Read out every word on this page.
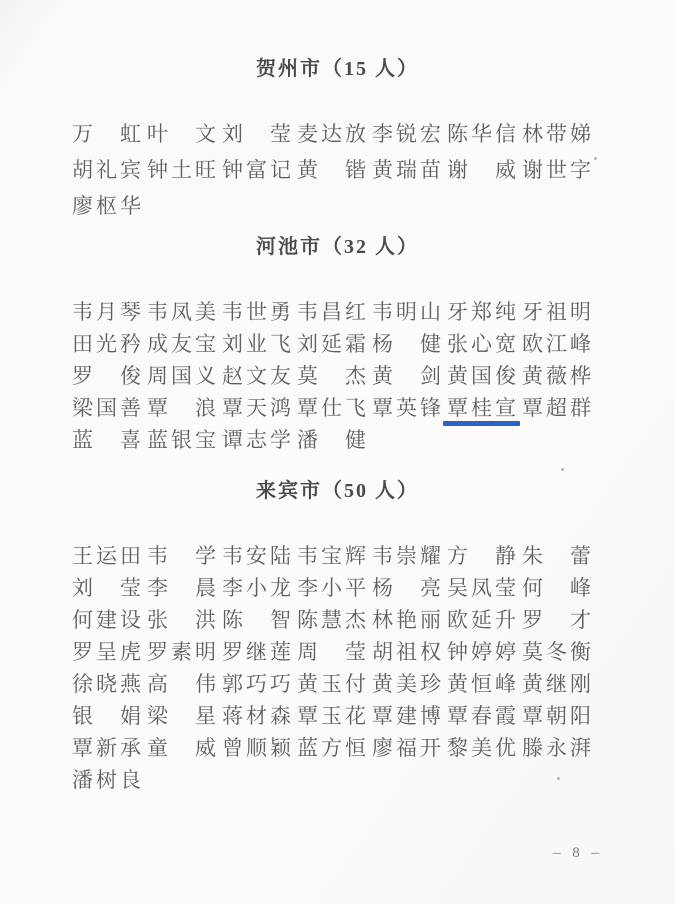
贺州市（15 人）
万 虹 叶 文 刘 莹 麦 达 放 李 锐 宏 陈 华 信 林 带 娣
胡 礼 宾 钟 土 旺 钟 富 记 黄 锴 黄 瑞 苗 谢 威 谢 世 字
廖 枢 华
河池市（32 人）
韦 月 琴 韦 凤 美 韦 世 勇 韦 昌 红 韦 明 山 牙 郑 纯 牙 祖 明
田 光 矜 成 友 宝 刘 业 飞 刘 延 霜 杨 健 张 心 宽 欧 江 峰
罗 俊 周 国 义 赵 文 友 莫 杰 黄 剑 黄 国 俊 黄 薇 桦
梁 国 善 覃 浪 覃 天 鸿 覃 仕 飞 覃 英 锋 覃 桂 宣 覃 超 群
蓝 喜 蓝 银 宝 谭 志 学 潘 健
来宾市（50 人）
王 运 田 韦 学 韦 安 陆 韦 宝 辉 韦 崇 耀 方 静 朱 蕾
刘 莹 李 晨 李 小 龙 李 小 平 杨 亮 吴 凤 莹 何 峰
何 建 设 张 洪 陈 智 陈 慧 杰 林 艳 丽 欧 延 升 罗 才
罗 呈 虎 罗 素 明 罗 继 莲 周 莹 胡 祖 权 钟 婷 婷 莫 冬 衡
徐 晓 燕 高 伟 郭 巧 巧 黄 玉 付 黄 美 珍 黄 恒 峰 黄 继 刚
银 娟 梁 星 蒋 材 森 覃 玉 花 覃 建 博 覃 春 霞 覃 朝 阳
覃 新 承 童 威 曾 顺 颖 蓝 方 恒 廖 福 开 黎 美 优 滕 永 湃
潘 树 良
– 8 –
